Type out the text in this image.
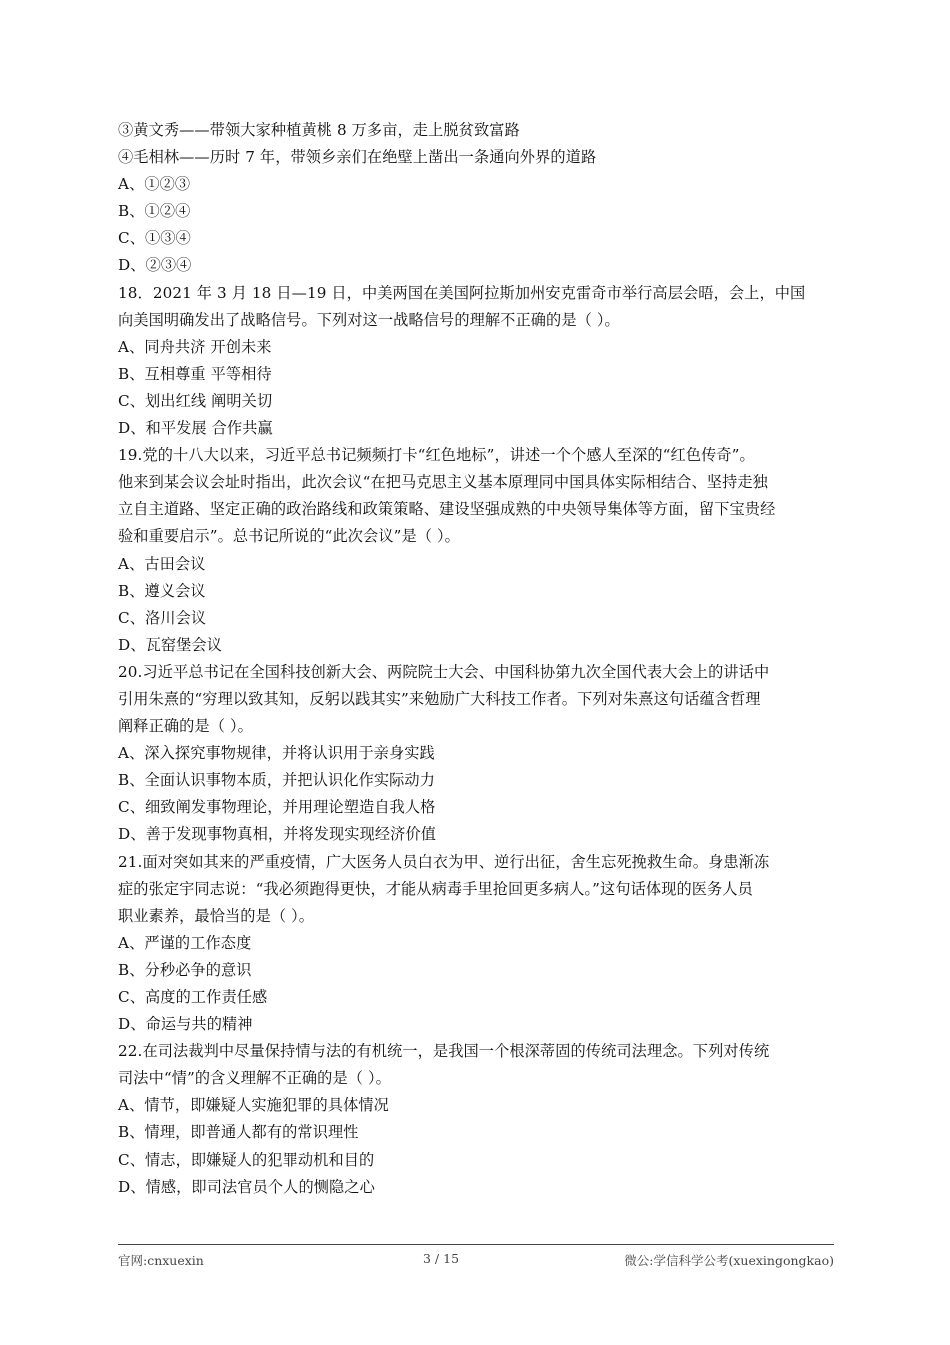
③黄文秀——带领大家种植黄桃 8 万多亩，走上脱贫致富路
④毛相林——历时 7 年，带领乡亲们在绝壁上凿出一条通向外界的道路
A、①②③
B、①②④
C、①③④
D、②③④
18．2021 年 3 月 18 日—19 日，中美两国在美国阿拉斯加州安克雷奇市举行高层会晤，会上，中国
向美国明确发出了战略信号。下列对这一战略信号的理解不正确的是（ ）。
A、同舟共济 开创未来
B、互相尊重 平等相待
C、划出红线 阐明关切
D、和平发展 合作共赢
19.党的十八大以来，习近平总书记频频打卡“红色地标”，讲述一个个感人至深的“红色传奇”。
他来到某会议会址时指出，此次会议“在把马克思主义基本原理同中国具体实际相结合、坚持走独
立自主道路、坚定正确的政治路线和政策策略、建设坚强成熟的中央领导集体等方面，留下宝贵经
验和重要启示”。总书记所说的“此次会议”是（ ）。
A、古田会议
B、遵义会议
C、洛川会议
D、瓦窑堡会议
20.习近平总书记在全国科技创新大会、两院院士大会、中国科协第九次全国代表大会上的讲话中
引用朱熹的“穷理以致其知，反躬以践其实”来勉励广大科技工作者。下列对朱熹这句话蕴含哲理
阐释正确的是（ ）。
A、深入探究事物规律，并将认识用于亲身实践
B、全面认识事物本质，并把认识化作实际动力
C、细致阐发事物理论，并用理论塑造自我人格
D、善于发现事物真相，并将发现实现经济价值
21.面对突如其来的严重疫情，广大医务人员白衣为甲、逆行出征，舍生忘死挽救生命。身患渐冻
症的张定宇同志说：“我必须跑得更快，才能从病毒手里抢回更多病人。”这句话体现的医务人员
职业素养，最恰当的是（ ）。
A、严谨的工作态度
B、分秒必争的意识
C、高度的工作责任感
D、命运与共的精神
22.在司法裁判中尽量保持情与法的有机统一，是我国一个根深蒂固的传统司法理念。下列对传统
司法中“情”的含义理解不正确的是（ ）。
A、情节，即嫌疑人实施犯罪的具体情况
B、情理，即普通人都有的常识理性
C、情志，即嫌疑人的犯罪动机和目的
D、情感，即司法官员个人的恻隐之心
官网:cnxuexin	3 / 15	微公:学信科学公考(xuexingongkao)
